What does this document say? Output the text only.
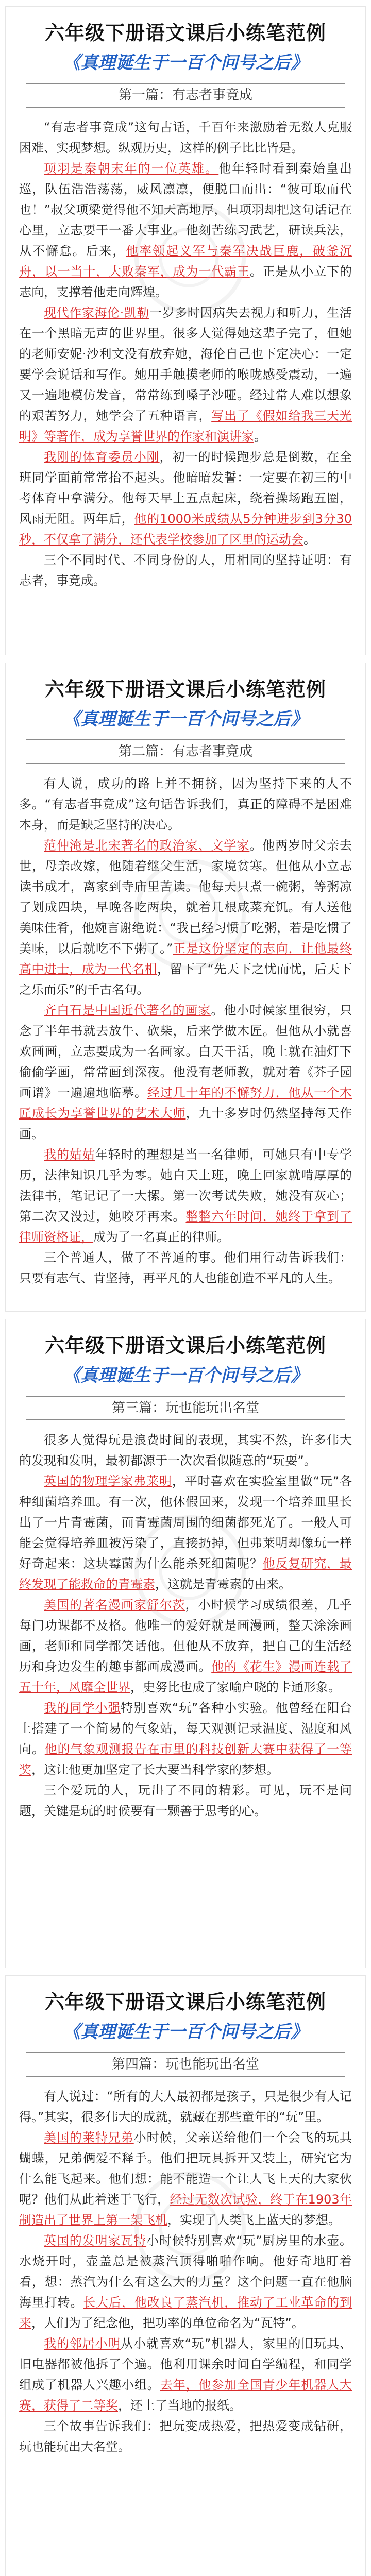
六年级下册语文课后小练笔范例
《真理诞生于一百个问号之后》
第一篇：有志者事竟成

“有志者事竟成”这句古话，千百年来激励着无数人克服困难、实现梦想。纵观历史，这样的例子比比皆是。

项羽是秦朝末年的一位英雄。他年轻时看到秦始皇出巡，队伍浩浩荡荡，威风凛凛，便脱口而出：“彼可取而代也！”叔父项梁觉得他不知天高地厚，但项羽却把这句话记在心里，立志要干一番大事业。他刻苦练习武艺，研读兵法，从不懈怠。后来，他率领起义军与秦军决战巨鹿，破釜沉舟，以一当十，大败秦军，成为一代霸王。正是从小立下的志向，支撑着他走向辉煌。

现代作家海伦·凯勒一岁多时因病失去视力和听力，生活在一个黑暗无声的世界里。很多人觉得她这辈子完了，但她的老师安妮·沙利文没有放弃她，海伦自己也下定决心：一定要学会说话和写作。她用手触摸老师的喉咙感受震动，一遍又一遍地模仿发音，常常练到嗓子沙哑。经过常人难以想象的艰苦努力，她学会了五种语言，写出了《假如给我三天光明》等著作，成为享誉世界的作家和演讲家。

我刚的体育委员小刚，初一的时候跑步总是倒数，在全班同学面前常常抬不起头。他暗暗发誓：一定要在初三的中考体育中拿满分。他每天早上五点起床，绕着操场跑五圈，风雨无阻。两年后，他的1000米成绩从5分钟进步到3分30秒，不仅拿了满分，还代表学校参加了区里的运动会。

三个不同时代、不同身份的人，用相同的坚持证明：有志者，事竟成。

六年级下册语文课后小练笔范例
《真理诞生于一百个问号之后》
第二篇：有志者事竟成

有人说，成功的路上并不拥挤，因为坚持下来的人不多。“有志者事竟成”这句话告诉我们，真正的障碍不是困难本身，而是缺乏坚持的决心。

范仲淹是北宋著名的政治家、文学家。他两岁时父亲去世，母亲改嫁，他随着继父生活，家境贫寒。但他从小立志读书成才，离家到寺庙里苦读。他每天只煮一碗粥，等粥凉了划成四块，早晚各吃两块，就着几根咸菜充饥。有人送他美味佳肴，他婉言谢绝说：“我已经习惯了吃粥，若是吃惯了美味，以后就吃不下粥了。”正是这份坚定的志向，让他最终高中进士，成为一代名相，留下了“先天下之忧而忧，后天下之乐而乐”的千古名句。

齐白石是中国近代著名的画家。他小时候家里很穷，只念了半年书就去放牛、砍柴，后来学做木匠。但他从小就喜欢画画，立志要成为一名画家。白天干活，晚上就在油灯下偷偷学画，常常画到深夜。他没有老师教，就对着《芥子园画谱》一遍遍地临摹。经过几十年的不懈努力，他从一个木匠成长为享誉世界的艺术大师，九十多岁时仍然坚持每天作画。

我的姑姑年轻时的理想是当一名律师，可她只有中专学历，法律知识几乎为零。她白天上班，晚上回家就啃厚厚的法律书，笔记记了一大摞。第一次考试失败，她没有灰心；第二次又没过，她咬牙再来。整整六年时间，她终于拿到了律师资格证，成为了一名真正的律师。

三个普通人，做了不普通的事。他们用行动告诉我们：只要有志气、肯坚持，再平凡的人也能创造不平凡的人生。

六年级下册语文课后小练笔范例
《真理诞生于一百个问号之后》
第三篇：玩也能玩出名堂

很多人觉得玩是浪费时间的表现，其实不然，许多伟大的发现和发明，最初都源于一次次看似随意的“玩耍”。

英国的物理学家弗莱明，平时喜欢在实验室里做“玩”各种细菌培养皿。有一次，他休假回来，发现一个培养皿里长出了一片青霉菌，而青霉菌周围的细菌都死光了。一般人可能会觉得培养皿被污染了，直接扔掉，但弗莱明却像玩一样好奇起来：这块霉菌为什么能杀死细菌呢？他反复研究，最终发现了能救命的青霉素，这就是青霉素的由来。

美国的著名漫画家舒尔茨，小时候学习成绩很差，几乎每门功课都不及格。他唯一的爱好就是画漫画，整天涂涂画画，老师和同学都笑话他。但他从不放弃，把自己的生活经历和身边发生的趣事都画成漫画。他的《花生》漫画连载了五十年，风靡全世界，史努比也成了家喻户晓的卡通形象。

我的同学小强特别喜欢“玩”各种小实验。他曾经在阳台上搭建了一个简易的气象站，每天观测记录温度、湿度和风向。他的气象观测报告在市里的科技创新大赛中获得了一等奖，这让他更加坚定了长大要当科学家的梦想。

三个爱玩的人，玩出了不同的精彩。可见，玩不是问题，关键是玩的时候要有一颗善于思考的心。

六年级下册语文课后小练笔范例
《真理诞生于一百个问号之后》
第四篇：玩也能玩出名堂

有人说过：“所有的大人最初都是孩子，只是很少有人记得。”其实，很多伟大的成就，就藏在那些童年的“玩”里。

美国的莱特兄弟小时候，父亲送给他们一个会飞的玩具蝴蝶，兄弟俩爱不释手。他们把玩具拆开又装上，研究它为什么能飞起来。他们想：能不能造一个让人飞上天的大家伙呢？他们从此着迷于飞行，经过无数次试验，终于在1903年制造出了世界上第一架飞机，实现了人类飞上蓝天的梦想。

英国的发明家瓦特小时候特别喜欢“玩”厨房里的水壶。水烧开时，壶盖总是被蒸汽顶得啪啪作响。他好奇地盯着看，想：蒸汽为什么有这么大的力量？这个问题一直在他脑海里打转。长大后，他改良了蒸汽机，推动了工业革命的到来，人们为了纪念他，把功率的单位命名为“瓦特”。

我的邻居小明从小就喜欢“玩”机器人，家里的旧玩具、旧电器都被他拆了个遍。他利用课余时间自学编程，和同学组成了机器人兴趣小组。去年，他参加全国青少年机器人大赛，获得了二等奖，还上了当地的报纸。

三个故事告诉我们：把玩变成热爱，把热爱变成钻研，玩也能玩出大名堂。
